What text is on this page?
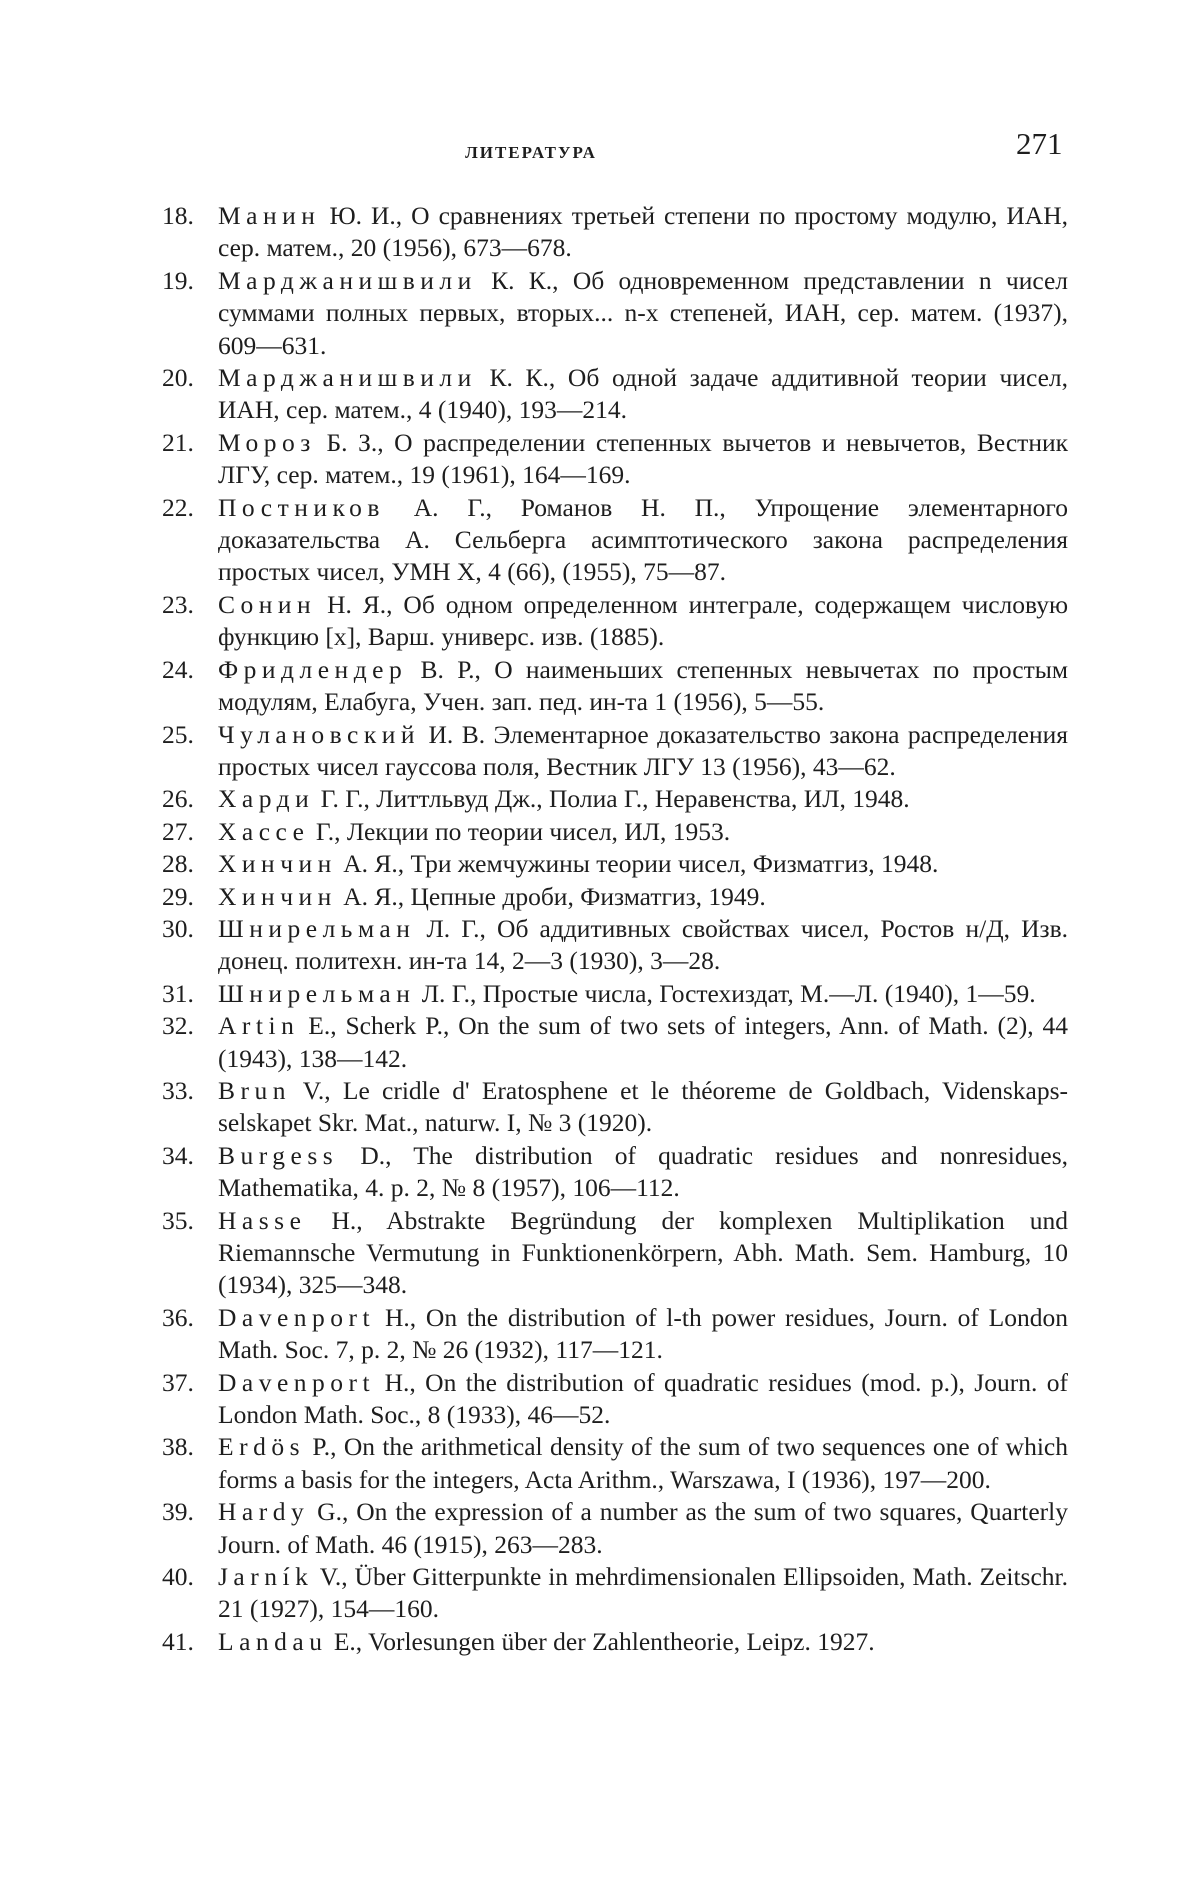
ЛИТЕРАТУРА	271
18. Манин Ю. И., О сравнениях третьей степени по простому модулю, ИАН, сер. матем., 20 (1956), 673—678.
19. Марджанишвили К. К., Об одновременном представлении n чисел суммами полных первых, вторых... n-х степеней, ИАН, сер. матем. (1937), 609—631.
20. Марджанишвили К. К., Об одной задаче аддитивной теории чисел, ИАН, сер. матем., 4 (1940), 193—214.
21. Мороз Б. З., О распределении степенных вычетов и невычетов, Вестник ЛГУ, сер. матем., 19 (1961), 164—169.
22. Постников А. Г., Романов Н. П., Упрощение элементарного доказательства А. Сельберга асимптотического закона распределения простых чисел, УМН X, 4 (66), (1955), 75—87.
23. Сонин Н. Я., Об одном определенном интеграле, содержащем числовую функцию [x], Варш. универс. изв. (1885).
24. Фридлендер В. Р., О наименьших степенных невычетах по простым модулям, Елабуга, Учен. зап. пед. ин-та 1 (1956), 5—55.
25. Чулановский И. В. Элементарное доказательство закона распределения простых чисел гауссова поля, Вестник ЛГУ 13 (1956), 43—62.
26. Харди Г. Г., Литтльвуд Дж., Полиа Г., Неравенства, ИЛ, 1948.
27. Хассе Г., Лекции по теории чисел, ИЛ, 1953.
28. Хинчин А. Я., Три жемчужины теории чисел, Физматгиз, 1948.
29. Хинчин А. Я., Цепные дроби, Физматгиз, 1949.
30. Шнирельман Л. Г., Об аддитивных свойствах чисел, Ростов н/Д, Изв. донец. политехн. ин-та 14, 2—3 (1930), 3—28.
31. Шнирельман Л. Г., Простые числа, Гостехиздат, М.—Л. (1940), 1—59.
32. Artin E., Scherk P., On the sum of two sets of integers, Ann. of Math. (2), 44 (1943), 138—142.
33. Brun V., Le cridle d' Eratosphene et le théoreme de Goldbach, Videnskaps-selskapet Skr. Mat., naturw. I, № 3 (1920).
34. Burgess D., The distribution of quadratic residues and nonresidues, Mathematika, 4. p. 2, № 8 (1957), 106—112.
35. Hasse H., Abstrakte Begründung der komplexen Multiplikation und Riemannsche Vermutung in Funktionenkörpern, Abh. Math. Sem. Hamburg, 10 (1934), 325—348.
36. Davenport H., On the distribution of l-th power residues, Journ. of London Math. Soc. 7, p. 2, № 26 (1932), 117—121.
37. Davenport H., On the distribution of quadratic residues (mod. p.), Journ. of London Math. Soc., 8 (1933), 46—52.
38. Erdös P., On the arithmetical density of the sum of two sequences one of which forms a basis for the integers, Acta Arithm., Warszawa, I (1936), 197—200.
39. Hardy G., On the expression of a number as the sum of two squares, Quarterly Journ. of Math. 46 (1915), 263—283.
40. Jarník V., Über Gitterpunkte in mehrdimensionalen Ellipsoiden, Math. Zeitschr. 21 (1927), 154—160.
41. Landau E., Vorlesungen über der Zahlentheorie, Leipz. 1927.
